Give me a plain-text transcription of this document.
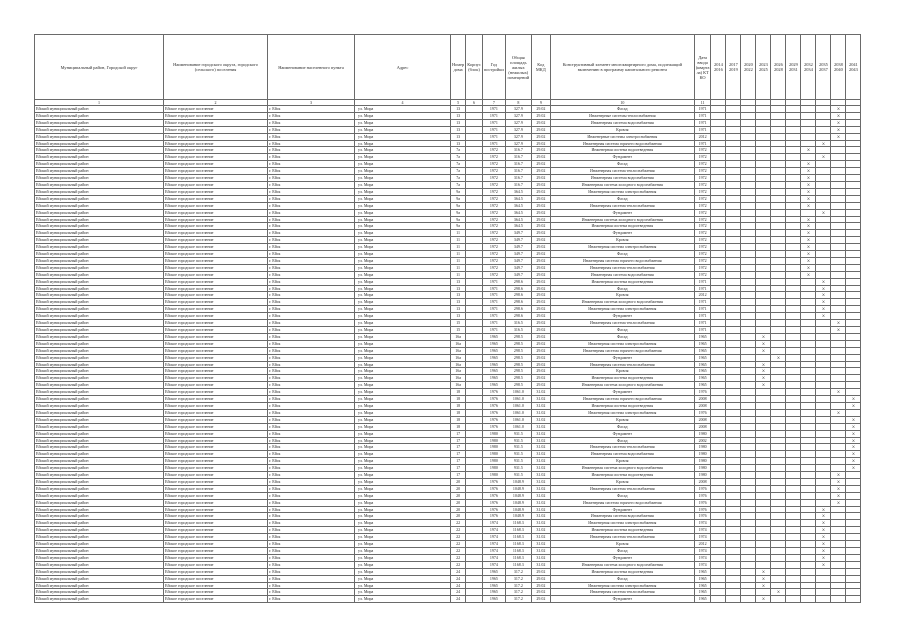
Муниципальный район, Городской округ	Наименование городского округа, городского (сельского) поселения	Наименование населенного пункта	Адрес	Номер дома	Корпус (блок)	Год постройки	Общая площадь жилых (нежилых) помещений	Код МКД	Конструктивный элемент многоквартирного дома, подлежащий включению в программу капитального ремонта	Дата ввода (кварта ла) КТ КО	2014 2016	2017 2019	2020 2022	2023 2025	2026 2028	2029 2031	2032 2034	2035 2037	2038 2040	2041 2043
1	2	3	4	5	6	7	8	9	10	11										
Ейский муниципальный район	Ейское городское поселение	г. Ейск	ул. Мира	13		1971	327.9	29.02	Фасад	1971									Х	
Ейский муниципальный район	Ейское городское поселение	г. Ейск	ул. Мира	13		1971	327.9	29.02	Инженерные системы теплоснабжения	1971									Х	
Ейский муниципальный район	Ейское городское поселение	г. Ейск	ул. Мира	13		1971	327.9	29.02	Инженерная система водоснабжения	1971									Х	
Ейский муниципальный район	Ейское городское поселение	г. Ейск	ул. Мира	13		1971	327.9	29.02	Кровля	1971									Х	
Ейский муниципальный район	Ейское городское поселение	г. Ейск	ул. Мира	13		1971	327.9	29.02	Инженерные системы электроснабжения	2012									Х	
Ейский муниципальный район	Ейское городское поселение	г. Ейск	ул. Мира	13		1971	327.9	29.02	Инженерная система горячего водоснабжения	1971								Х		
Ейский муниципальный район	Ейское городское поселение	г. Ейск	ул. Мира	7а		1972	316.7	29.02	Инженерная система водоотведения	1972							Х			
Ейский муниципальный район	Ейское городское поселение	г. Ейск	ул. Мира	7а		1972	316.7	29.02	Фундамент	1972								Х		
Ейский муниципальный район	Ейское городское поселение	г. Ейск	ул. Мира	7а		1972	316.7	29.02	Фасад	1972							Х			
Ейский муниципальный район	Ейское городское поселение	г. Ейск	ул. Мира	7а		1972	316.7	29.02	Инженерная система теплоснабжения	1972							Х			
Ейский муниципальный район	Ейское городское поселение	г. Ейск	ул. Мира	7а		1972	316.7	29.02	Инженерная система водоснабжения	1972							Х			
Ейский муниципальный район	Ейское городское поселение	г. Ейск	ул. Мира	7а		1972	316.7	29.02	Инженерная система холодного водоснабжения	1972							Х			
Ейский муниципальный район	Ейское городское поселение	г. Ейск	ул. Мира	9а		1972	364.5	29.02	Инженерная система электроснабжения	1972							Х			
Ейский муниципальный район	Ейское городское поселение	г. Ейск	ул. Мира	9а		1972	364.5	29.02	Фасад	1972							Х			
Ейский муниципальный район	Ейское городское поселение	г. Ейск	ул. Мира	9а		1972	364.5	29.02	Инженерная система теплоснабжения	1972							Х			
Ейский муниципальный район	Ейское городское поселение	г. Ейск	ул. Мира	9а		1972	364.5	29.02	Фундамент	1972								Х		
Ейский муниципальный район	Ейское городское поселение	г. Ейск	ул. Мира	9а		1972	364.5	29.02	Инженерная система холодного водоснабжения	1972							Х			
Ейский муниципальный район	Ейское городское поселение	г. Ейск	ул. Мира	9а		1972	364.5	29.02	Инженерная система водоотведения	1972							Х			
Ейский муниципальный район	Ейское городское поселение	г. Ейск	ул. Мира	11		1972	349.7	29.02	Фундамент	1972							Х			
Ейский муниципальный район	Ейское городское поселение	г. Ейск	ул. Мира	11		1972	349.7	29.02	Кровля	1972							Х			
Ейский муниципальный район	Ейское городское поселение	г. Ейск	ул. Мира	11		1972	349.7	29.02	Инженерная система электроснабжения	1972							Х			
Ейский муниципальный район	Ейское городское поселение	г. Ейск	ул. Мира	11		1972	349.7	29.02	Фасад	1972							Х			
Ейский муниципальный район	Ейское городское поселение	г. Ейск	ул. Мира	11		1972	349.7	29.02	Инженерная система горячего водоснабжения	1972							Х			
Ейский муниципальный район	Ейское городское поселение	г. Ейск	ул. Мира	11		1972	349.7	29.02	Инженерная система теплоснабжения	1972							Х			
Ейский муниципальный район	Ейское городское поселение	г. Ейск	ул. Мира	11		1972	349.7	29.02	Инженерная система водоснабжения	1972							Х			
Ейский муниципальный район	Ейское городское поселение	г. Ейск	ул. Мира	13		1971	298.6	29.02	Инженерная система водоотведения	1971								Х		
Ейский муниципальный район	Ейское городское поселение	г. Ейск	ул. Мира	13		1971	298.6	29.02	Фасад	1971								Х		
Ейский муниципальный район	Ейское городское поселение	г. Ейск	ул. Мира	13		1971	298.6	29.02	Кровля	2012								Х		
Ейский муниципальный район	Ейское городское поселение	г. Ейск	ул. Мира	13		1971	298.6	29.02	Инженерная система холодного водоснабжения	1971								Х		
Ейский муниципальный район	Ейское городское поселение	г. Ейск	ул. Мира	13		1971	298.6	29.02	Инженерная система электроснабжения	1971								Х		
Ейский муниципальный район	Ейское городское поселение	г. Ейск	ул. Мира	13		1971	298.6	29.02	Фундамент	1971								Х		
Ейский муниципальный район	Ейское городское поселение	г. Ейск	ул. Мира	15		1971	316.5	29.02	Инженерная система теплоснабжения	1971									Х	
Ейский муниципальный район	Ейское городское поселение	г. Ейск	ул. Мира	15		1971	316.5	29.02	Фасад	1971									Х	
Ейский муниципальный район	Ейское городское поселение	г. Ейск	ул. Мира	16а		1965	298.5	29.02	Фасад	1965				Х						
Ейский муниципальный район	Ейское городское поселение	г. Ейск	ул. Мира	16а		1965	298.5	29.02	Инженерная система электроснабжения	1965				Х						
Ейский муниципальный район	Ейское городское поселение	г. Ейск	ул. Мира	16а		1965	298.5	29.02	Инженерная система горячего водоснабжения	1965				Х						
Ейский муниципальный район	Ейское городское поселение	г. Ейск	ул. Мира	16а		1965	298.5	29.02	Фундамент	1965					Х					
Ейский муниципальный район	Ейское городское поселение	г. Ейск	ул. Мира	16а		1965	298.5	29.02	Инженерная система теплоснабжения	1965				Х						
Ейский муниципальный район	Ейское городское поселение	г. Ейск	ул. Мира	16а		1965	298.5	29.02	Кровля	1965				Х						
Ейский муниципальный район	Ейское городское поселение	г. Ейск	ул. Мира	16а		1965	298.5	29.02	Инженерная система водоотведения	1965				Х						
Ейский муниципальный район	Ейское городское поселение	г. Ейск	ул. Мира	16а		1965	298.5	29.02	Инженерная система холодного водоснабжения	1965				Х						
Ейский муниципальный район	Ейское городское поселение	г. Ейск	ул. Мира	18		1976	1061.0	31.02	Фундамент	1976									Х	
Ейский муниципальный район	Ейское городское поселение	г. Ейск	ул. Мира	18		1976	1061.0	31.02	Инженерная система горячего водоснабжения	2008										Х
Ейский муниципальный район	Ейское городское поселение	г. Ейск	ул. Мира	18		1976	1061.0	31.02	Инженерная система водоотведения	2008										Х
Ейский муниципальный район	Ейское городское поселение	г. Ейск	ул. Мира	18		1976	1061.0	31.02	Инженерная система электроснабжения	1976									Х	
Ейский муниципальный район	Ейское городское поселение	г. Ейск	ул. Мира	18		1976	1061.0	31.02	Кровля	2008										Х
Ейский муниципальный район	Ейское городское поселение	г. Ейск	ул. Мира	18		1976	1061.0	31.02	Фасад	2008										Х
Ейский муниципальный район	Ейское городское поселение	г. Ейск	ул. Мира	17		1980	931.5	31.02	Фундамент	1980										Х
Ейский муниципальный район	Ейское городское поселение	г. Ейск	ул. Мира	17		1980	931.5	31.02	Фасад	2002										Х
Ейский муниципальный район	Ейское городское поселение	г. Ейск	ул. Мира	17		1980	931.5	31.02	Инженерная система теплоснабжения	1980										Х
Ейский муниципальный район	Ейское городское поселение	г. Ейск	ул. Мира	17		1980	931.5	31.02	Инженерная система водоснабжения	1980										Х
Ейский муниципальный район	Ейское городское поселение	г. Ейск	ул. Мира	17		1980	931.5	31.02	Кровля	1980										Х
Ейский муниципальный район	Ейское городское поселение	г. Ейск	ул. Мира	17		1980	931.5	31.02	Инженерная система холодного водоснабжения	1980										Х
Ейский муниципальный район	Ейское городское поселение	г. Ейск	ул. Мира	17		1980	931.5	31.02	Инженерная система водоотведения	1980									Х	
Ейский муниципальный район	Ейское городское поселение	г. Ейск	ул. Мира	20		1976	1048.9	31.02	Кровля	2008									Х	
Ейский муниципальный район	Ейское городское поселение	г. Ейск	ул. Мира	20		1976	1048.9	31.02	Инженерная система теплоснабжения	1976									Х	
Ейский муниципальный район	Ейское городское поселение	г. Ейск	ул. Мира	20		1976	1048.9	31.02	Фасад	1976									Х	
Ейский муниципальный район	Ейское городское поселение	г. Ейск	ул. Мира	20		1976	1048.9	31.02	Инженерная система горячего водоснабжения	1976									Х	
Ейский муниципальный район	Ейское городское поселение	г. Ейск	ул. Мира	20		1976	1048.9	31.02	Фундамент	1976								Х		
Ейский муниципальный район	Ейское городское поселение	г. Ейск	ул. Мира	20		1976	1048.9	31.02	Инженерная система водоснабжения	1976								Х		
Ейский муниципальный район	Ейское городское поселение	г. Ейск	ул. Мира	22		1974	1168.3	31.02	Инженерная система электроснабжения	1974								Х		
Ейский муниципальный район	Ейское городское поселение	г. Ейск	ул. Мира	22		1974	1168.3	31.02	Инженерная система водоотведения	1974								Х		
Ейский муниципальный район	Ейское городское поселение	г. Ейск	ул. Мира	22		1974	1168.3	31.02	Инженерная система теплоснабжения	1974								Х		
Ейский муниципальный район	Ейское городское поселение	г. Ейск	ул. Мира	22		1974	1168.3	31.02	Кровля	2012								Х		
Ейский муниципальный район	Ейское городское поселение	г. Ейск	ул. Мира	22		1974	1168.3	31.02	Фасад	1974								Х		
Ейский муниципальный район	Ейское городское поселение	г. Ейск	ул. Мира	22		1974	1168.3	31.02	Фундамент	1974								Х		
Ейский муниципальный район	Ейское городское поселение	г. Ейск	ул. Мира	22		1974	1168.3	31.02	Инженерная система холодного водоснабжения	1974								Х		
Ейский муниципальный район	Ейское городское поселение	г. Ейск	ул. Мира	24		1965	317.2	29.02	Инженерная система водоотведения	1965				Х						
Ейский муниципальный район	Ейское городское поселение	г. Ейск	ул. Мира	24		1965	317.2	29.02	Фасад	1965				Х						
Ейский муниципальный район	Ейское городское поселение	г. Ейск	ул. Мира	24		1965	317.2	29.02	Инженерная система электроснабжения	1965				Х						
Ейский муниципальный район	Ейское городское поселение	г. Ейск	ул. Мира	24		1965	317.2	29.02	Инженерная система теплоснабжения	1965					Х					
Ейский муниципальный район	Ейское городское поселение	г. Ейск	ул. Мира	24		1965	317.2	29.02	Фундамент	1965				Х						
